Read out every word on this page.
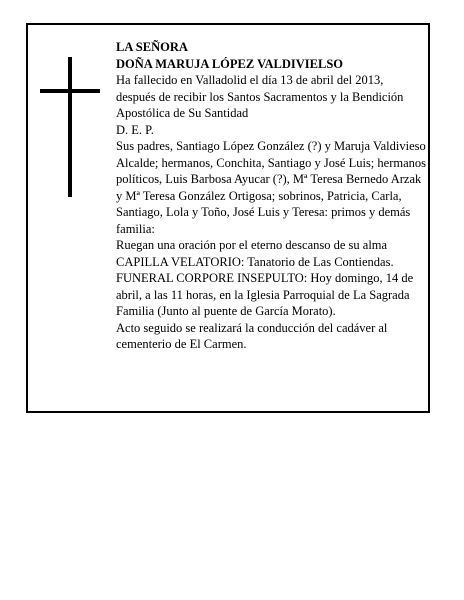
LA SEÑORA

DOÑA MARUJA LÓPEZ VALDIVIELSO

Ha fallecido en Valladolid el día 13 de abril del 2013, después de recibir los Santos Sacramentos y la Bendición Apostólica de Su Santidad

D. E. P.

Sus padres, Santiago López González (?) y Maruja Valdivieso Alcalde; hermanos, Conchita, Santiago y José Luis; hermanos políticos, Luis Barbosa Ayucar (?), Mª Teresa Bernedo Arzak y Mª Teresa González Ortigosa; sobrinos, Patricia, Carla, Santiago, Lola y Toño, José Luis y Teresa: primos y demás familia:

Ruegan una oración por el eterno descanso de su alma

CAPILLA VELATORIO: Tanatorio de Las Contiendas.

FUNERAL CORPORE INSEPULTO: Hoy domingo, 14 de abril, a las 11 horas, en la Iglesia Parroquial de La Sagrada Familia (Junto al puente de García Morato).

Acto seguido se realizará la conducción del cadáver al cementerio de El Carmen.
